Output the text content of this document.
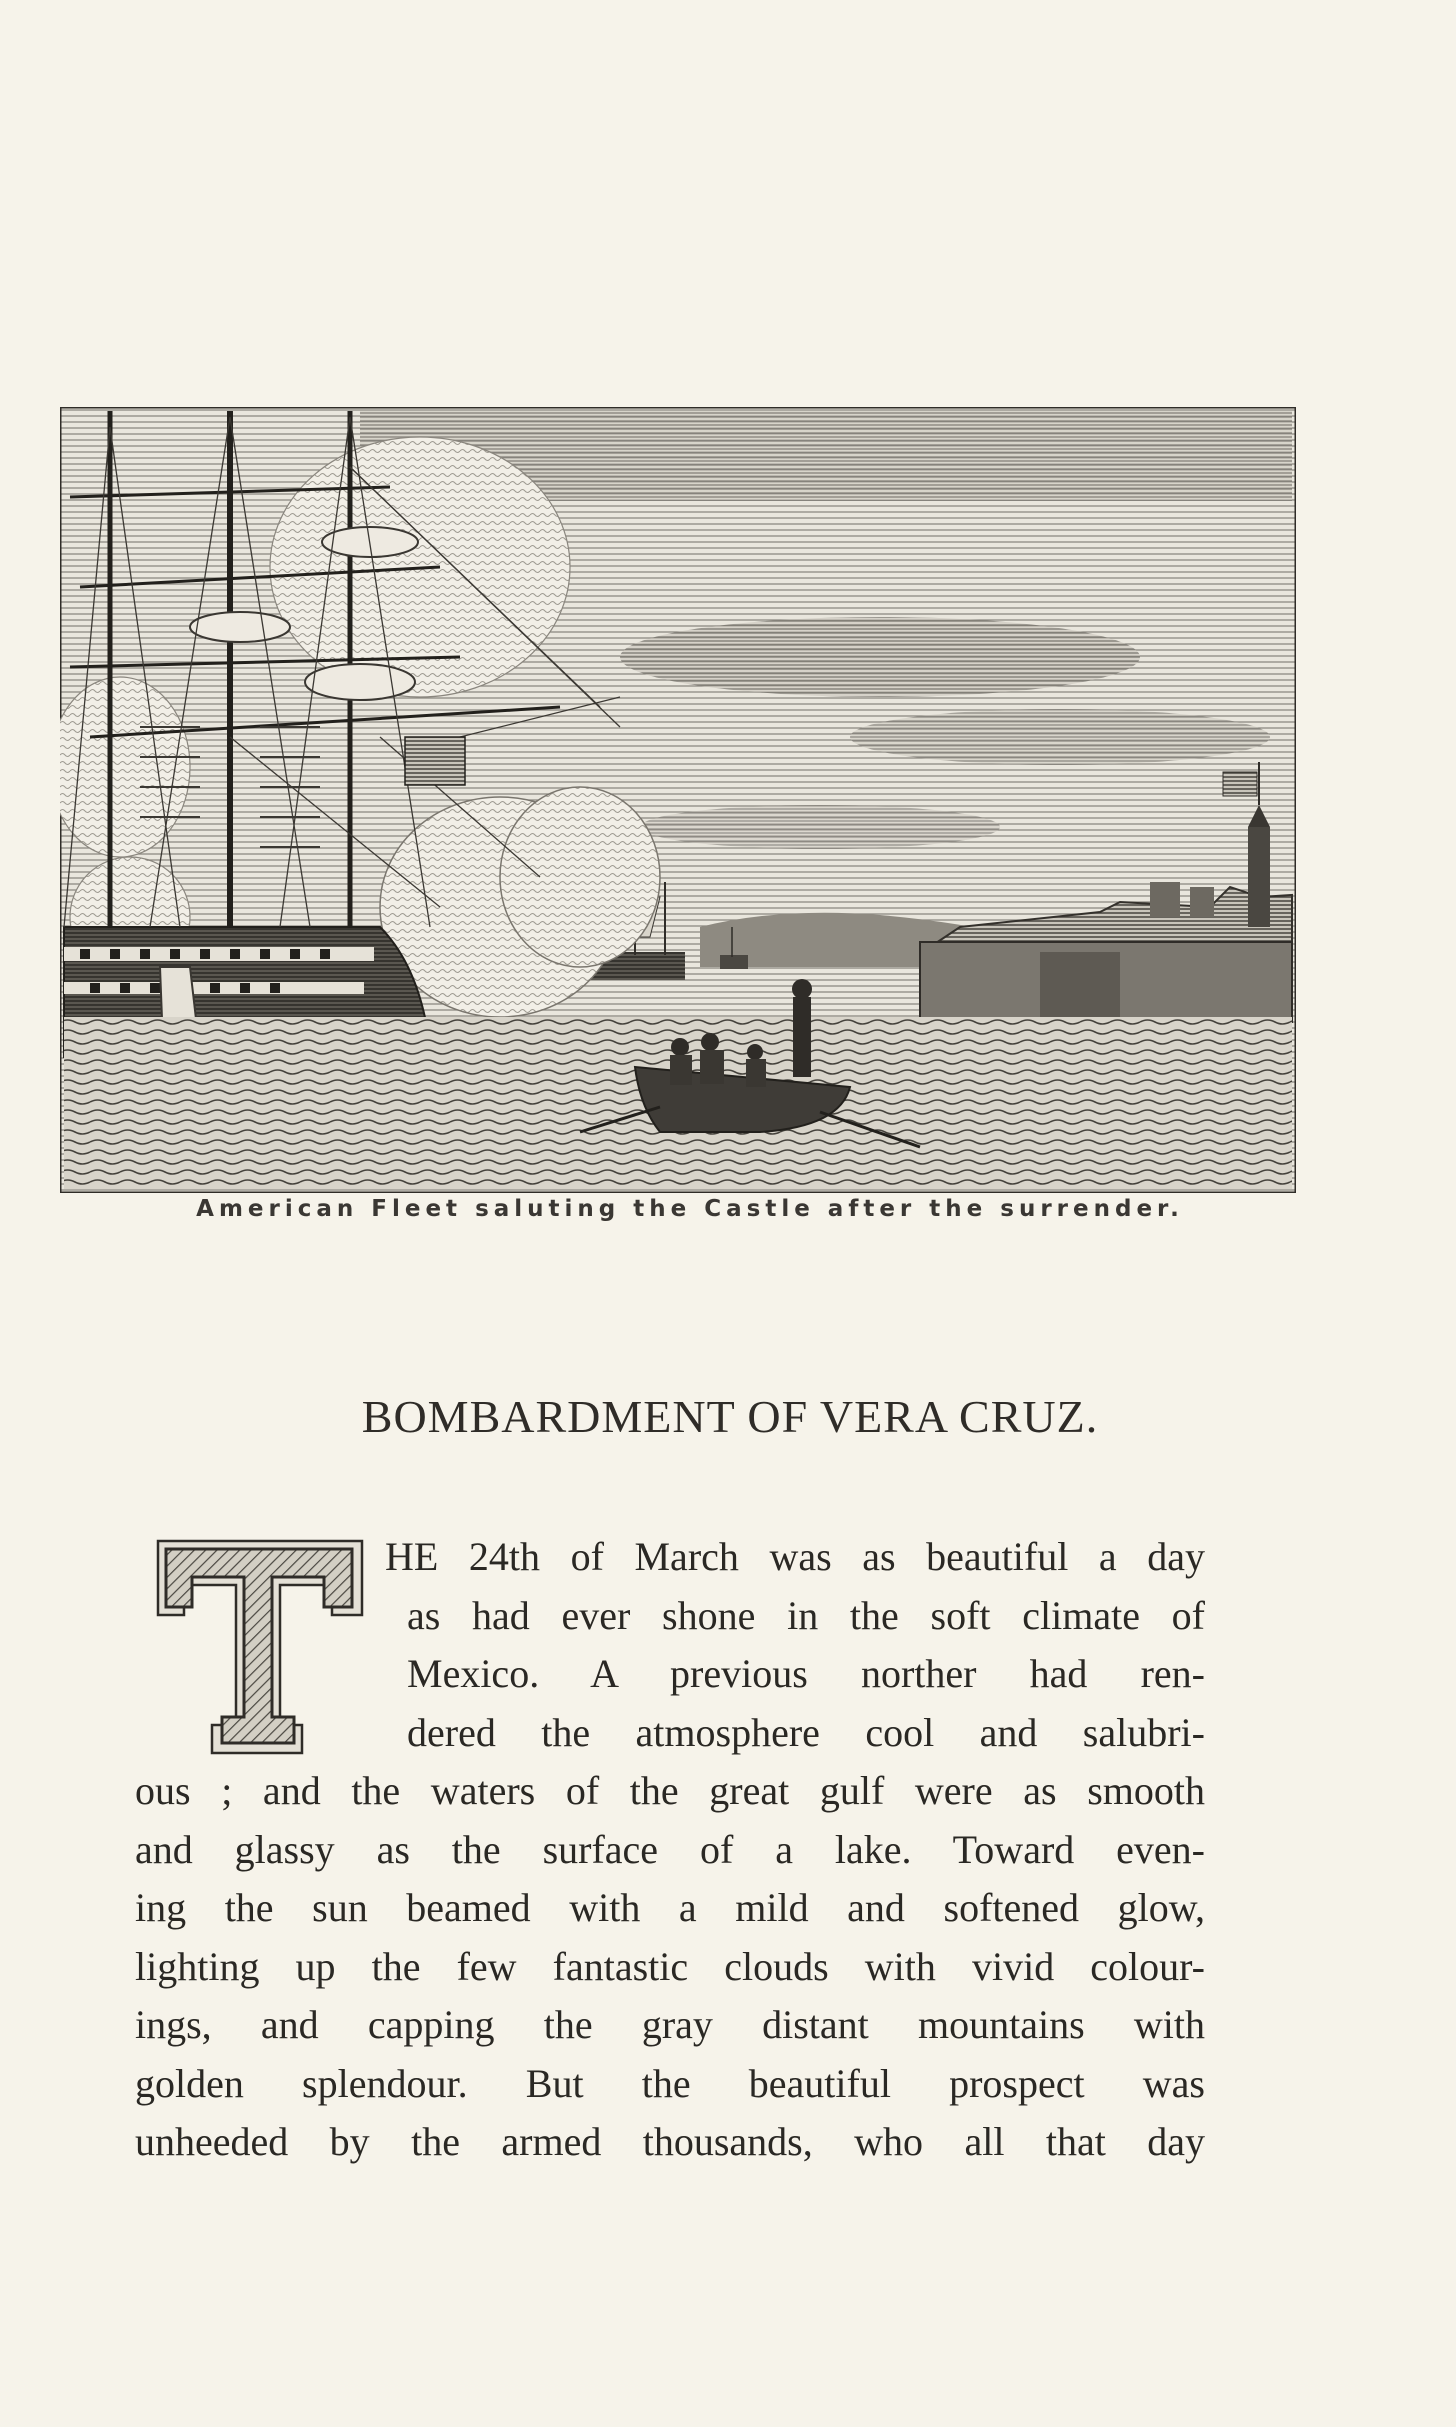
American Fleet saluting the Castle after the surrender.
BOMBARDMENT OF VERA CRUZ.
T	HE 24th of March was as beautiful a day
as had ever shone in the soft climate of
Mexico. A previous norther had ren-
dered the atmosphere cool and salubri-
ous ; and the waters of the great gulf were as smooth
and glassy as the surface of a lake. Toward even-
ing the sun beamed with a mild and softened glow,
lighting up the few fantastic clouds with vivid colour-
ings, and capping the gray distant mountains with
golden splendour. But the beautiful prospect was
unheeded by the armed thousands, who all that day
